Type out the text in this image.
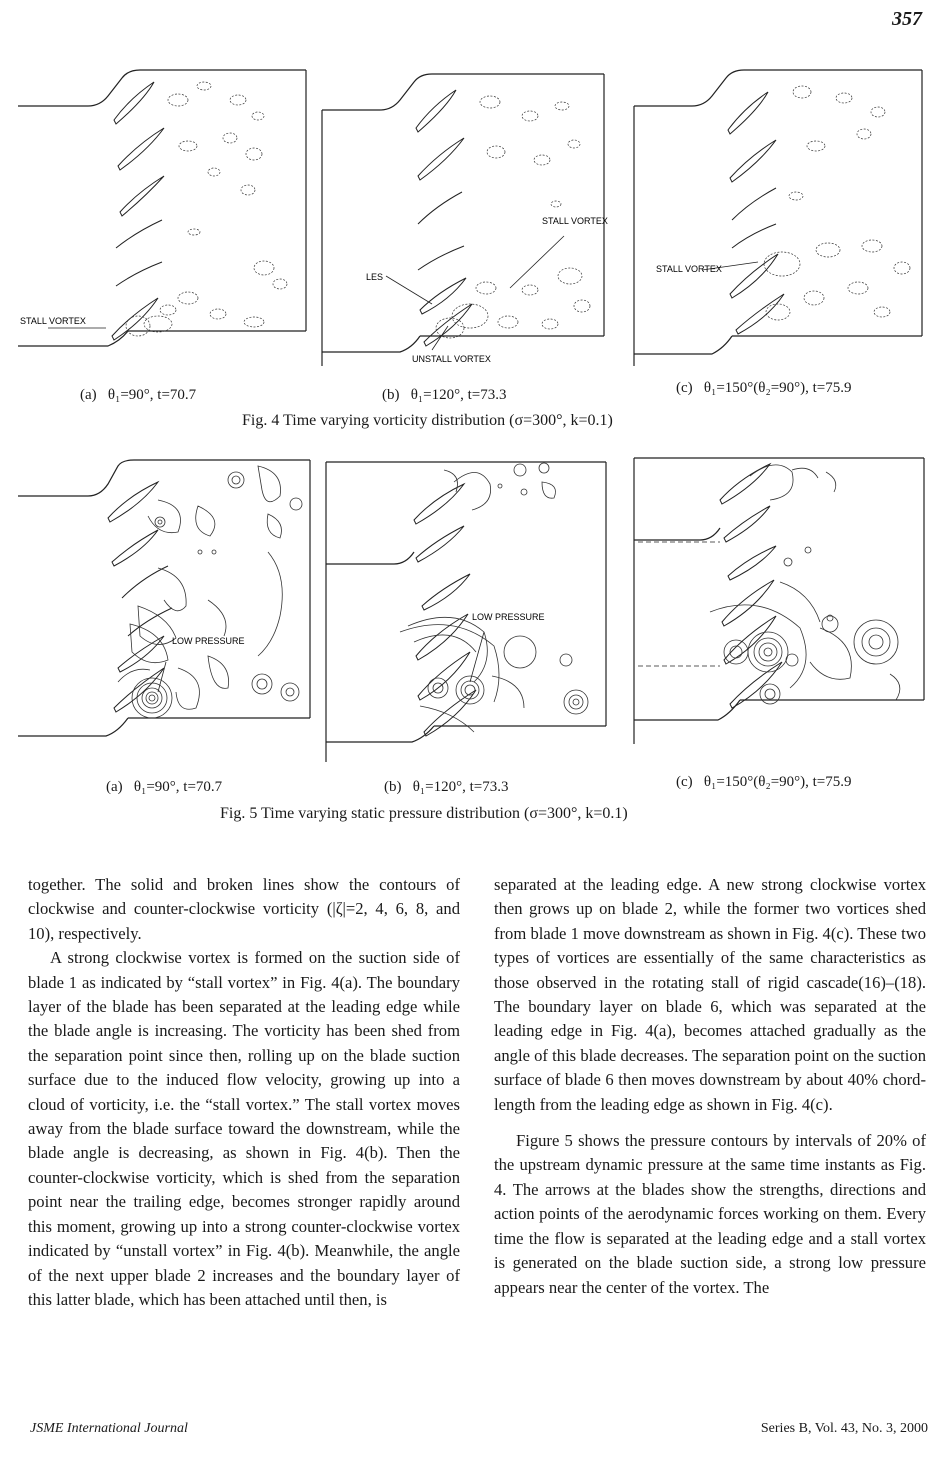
357
STALL VORTEX
(a) θ₁=90°, t=70.7
STALL VORTEX
LES
UNSTALL VORTEX
(b) θ₁=120°, t=73.3
STALL VORTEX
(c) θ₁=150°(θ₂=90°), t=75.9
Fig. 4 Time varying vorticity distribution (σ=300°, k=0.1)
LOW PRESSURE
(a) θ₁=90°, t=70.7
LOW PRESSURE
(b) θ₁=120°, t=73.3	(c) θ₁=150°(θ₂=90°), t=75.9
Fig. 5 Time varying static pressure distribution (σ=300°, k=0.1)

together. The solid and broken lines show the contours of clockwise and counter-clockwise vorticity (|ζ|=2, 4, 6, 8, and 10), respectively.

A strong clockwise vortex is formed on the suction side of blade 1 as indicated by “stall vortex” in Fig. 4(a). The boundary layer of the blade has been separated at the leading edge while the blade angle is increasing. The vorticity has been shed from the separation point since then, rolling up on the blade suction surface due to the induced flow velocity, growing up into a cloud of vorticity, i.e. the “stall vortex.” The stall vortex moves away from the blade surface toward the downstream, while the blade angle is decreasing, as shown in Fig. 4(b). Then the counter-clockwise vorticity, which is shed from the separation point near the trailing edge, becomes stronger rapidly around this moment, growing up into a strong counter-clockwise vortex indicated by “unstall vortex” in Fig. 4(b). Meanwhile, the angle of the next upper blade 2 increases and the boundary layer of this latter blade, which has been attached until then, is

separated at the leading edge. A new strong clockwise vortex then grows up on blade 2, while the former two vortices shed from blade 1 move downstream as shown in Fig. 4(c). These two types of vortices are essentially of the same characteristics as those observed in the rotating stall of rigid cascade(16)–(18). The boundary layer on blade 6, which was separated at the leading edge in Fig. 4(a), becomes attached gradually as the angle of this blade decreases. The separation point on the suction surface of blade 6 then moves downstream by about 40% chord-length from the leading edge as shown in Fig. 4(c).

Figure 5 shows the pressure contours by intervals of 20% of the upstream dynamic pressure at the same time instants as Fig. 4. The arrows at the blades show the strengths, directions and action points of the aerodynamic forces working on them. Every time the flow is separated at the leading edge and a stall vortex is generated on the blade suction side, a strong low pressure appears near the center of the vortex. The

JSME International Journal	Series B, Vol. 43, No. 3, 2000
